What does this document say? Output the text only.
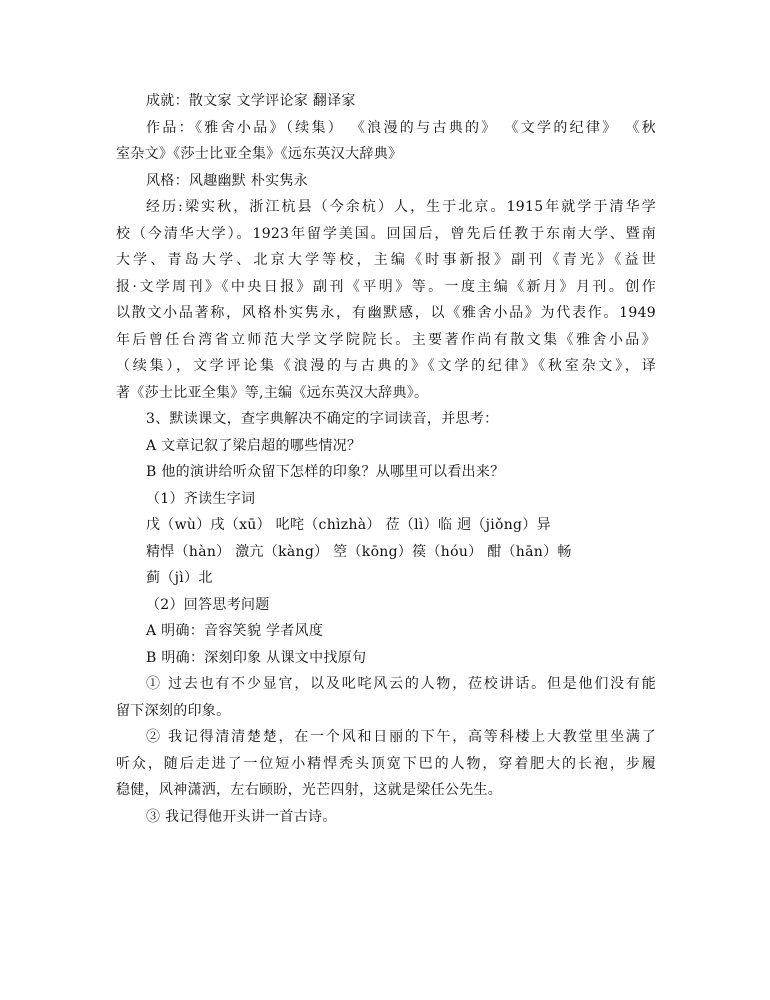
成就：散文家 文学评论家 翻译家
作品：《雅舍小品》（续集） 《浪漫的与古典的》 《文学的纪律》 《秋
室杂文》《莎士比亚全集》《远东英汉大辞典》
风格：风趣幽默 朴实隽永
经历:梁实秋，浙江杭县（今余杭）人，生于北京。1915年就学于清华学
校（今清华大学）。1923年留学美国。回国后，曾先后任教于东南大学、暨南
大学、青岛大学、北京大学等校，主编《时事新报》副刊《青光》《益世
报·文学周刊》《中央日报》副刊《平明》等。一度主编《新月》月刊。创作
以散文小品著称，风格朴实隽永，有幽默感，以《雅舍小品》为代表作。1949
年后曾任台湾省立师范大学文学院院长。主要著作尚有散文集《雅舍小品》
（续集），文学评论集《浪漫的与古典的》《文学的纪律》《秋室杂文》，译
著《莎士比亚全集》等,主编《远东英汉大辞典》。
3、默读课文，查字典解决不确定的字词读音，并思考：
A 文章记叙了梁启超的哪些情况？
B 他的演讲给听众留下怎样的印象？从哪里可以看出来？
（1）齐读生字词
戊（wù）戌（xū） 叱咤（chìzhà） 莅（lì）临 迥（jiǒng）异
精悍（hàn） 激亢（kàng） 箜（kōng）篌（hóu） 酣（hān）畅
蓟（jì）北
（2）回答思考问题
A 明确：音容笑貌 学者风度
B 明确：深刻印象 从课文中找原句
① 过去也有不少显官，以及叱咤风云的人物，莅校讲话。但是他们没有能
留下深刻的印象。
② 我记得清清楚楚，在一个风和日丽的下午，高等科楼上大教堂里坐满了
听众，随后走进了一位短小精悍秃头顶宽下巴的人物，穿着肥大的长袍，步履
稳健，风神潇洒，左右顾盼，光芒四射，这就是梁任公先生。
③ 我记得他开头讲一首古诗。
